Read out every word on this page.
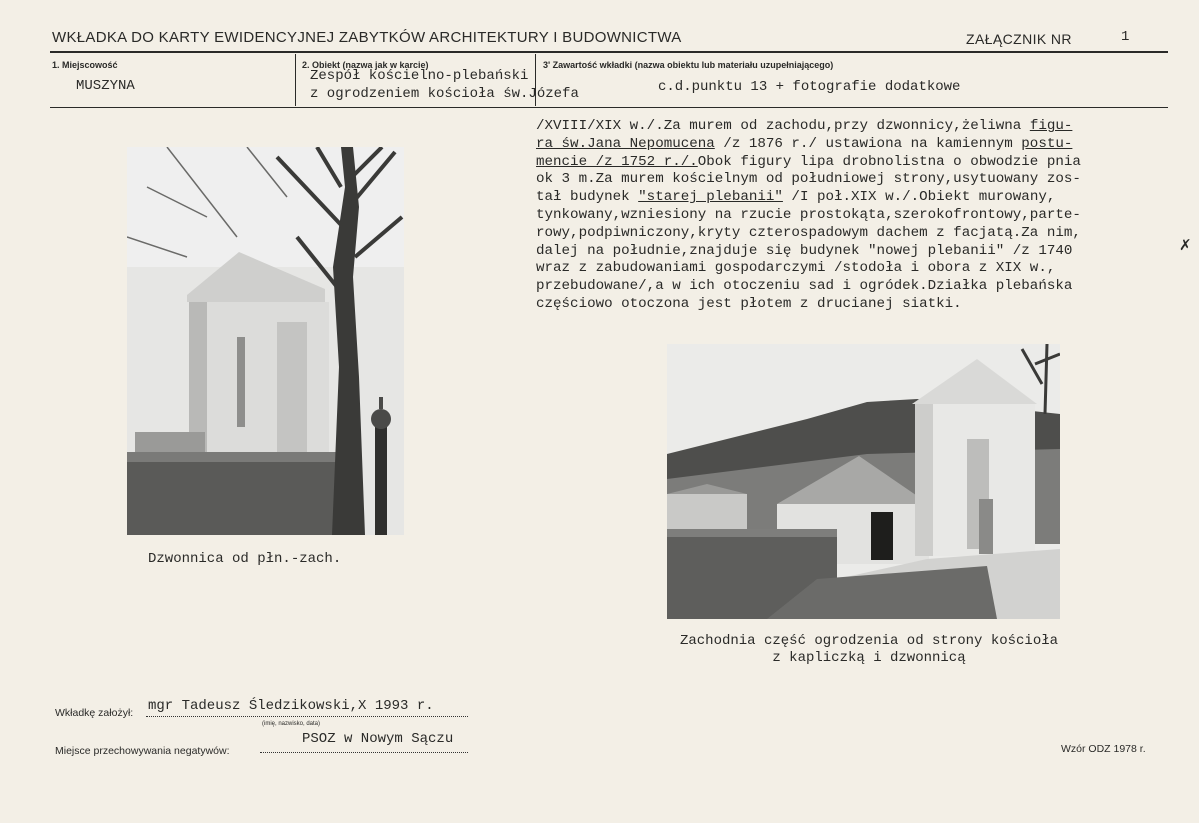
WKŁADKA DO KARTY EWIDENCYJNEJ ZABYTKÓW ARCHITEKTURY I BUDOWNICTWA	ZAŁĄCZNIK NR	1
1. Miejscowość
MUSZYNA
2. Obiekt (nazwa jak w karcie)
Zespół kościelno-plebański
z ogrodzeniem kościoła św.Józefa
3' Zawartość wkładki (nazwa obiektu lub materiału uzupełniającego)
c.d.punktu 13 + fotografie dodatkowe
/XVIII/XIX w./.Za murem od zachodu,przy dzwonnicy,żeliwna figu-
ra św.Jana Nepomucena /z 1876 r./ ustawiona na kamiennym postu-
mencie /z 1752 r./.Obok figury lipa drobnolistna o obwodzie pnia
ok 3 m.Za murem kościelnym od południowej strony,usytuowany zos-
tał budynek "starej plebanii" /I poł.XIX w./.Obiekt murowany,
tynkowany,wzniesiony na rzucie prostokąta,szerokofrontowy,parte-
rowy,podpiwniczony,kryty czterospadowym dachem z facjatą.Za nim,
dalej na południe,znajduje się budynek "nowej plebanii" /z 1740
wraz z zabudowaniami gospodarczymi /stodoła i obora z XIX w.,
przebudowane/,a w ich otoczeniu sad i ogródek.Działka plebańska
częściowo otoczona jest płotem z drucianej siatki.
✗
Dzwonnica od płn.-zach.
Zachodnia część ogrodzenia od strony kościoła
z kapliczką i dzwonnicą
Wkładkę założył: mgr Tadeusz Śledzikowski,X 1993 r.
(imię, nazwisko, data)
Miejsce przechowywania negatywów:
PSOZ w Nowym Sączu
Wzór ODZ 1978 r.
